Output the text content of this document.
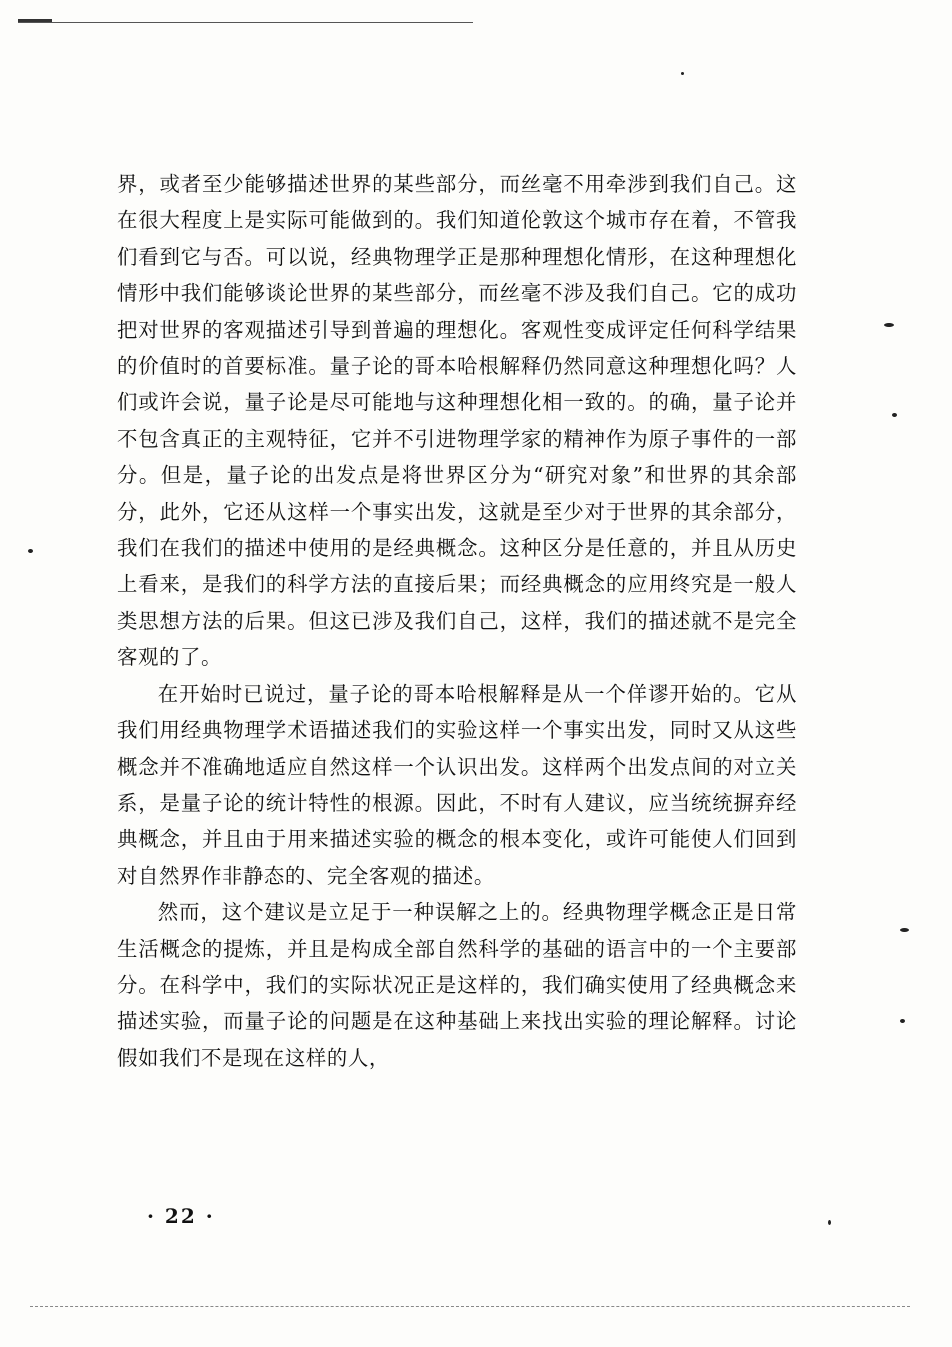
界，或者至少能够描述世界的某些部分，而丝毫不用牵涉到我们自己。这在很大程度上是实际可能做到的。我们知道伦敦这个城市存在着，不管我们看到它与否。可以说，经典物理学正是那种理想化情形，在这种理想化情形中我们能够谈论世界的某些部分，而丝毫不涉及我们自己。它的成功把对世界的客观描述引导到普遍的理想化。客观性变成评定任何科学结果的价值时的首要标准。量子论的哥本哈根解释仍然同意这种理想化吗？人们或许会说，量子论是尽可能地与这种理想化相一致的。的确，量子论并不包含真正的主观特征，它并不引进物理学家的精神作为原子事件的一部分。但是，量子论的出发点是将世界区分为“研究对象”和世界的其余部分，此外，它还从这样一个事实出发，这就是至少对于世界的其余部分，我们在我们的描述中使用的是经典概念。这种区分是任意的，并且从历史上看来，是我们的科学方法的直接后果；而经典概念的应用终究是一般人类思想方法的后果。但这已涉及我们自己，这样，我们的描述就不是完全客观的了。

在开始时已说过，量子论的哥本哈根解释是从一个佯谬开始的。它从我们用经典物理学术语描述我们的实验这样一个事实出发，同时又从这些概念并不准确地适应自然这样一个认识出发。这样两个出发点间的对立关系，是量子论的统计特性的根源。因此，不时有人建议，应当统统摒弃经典概念，并且由于用来描述实验的概念的根本变化，或许可能使人们回到对自然界作非静态的、完全客观的描述。

然而，这个建议是立足于一种误解之上的。经典物理学概念正是日常生活概念的提炼，并且是构成全部自然科学的基础的语言中的一个主要部分。在科学中，我们的实际状况正是这样的，我们确实使用了经典概念来描述实验，而量子论的问题是在这种基础上来找出实验的理论解释。讨论假如我们不是现在这样的人，

· 22 ·
